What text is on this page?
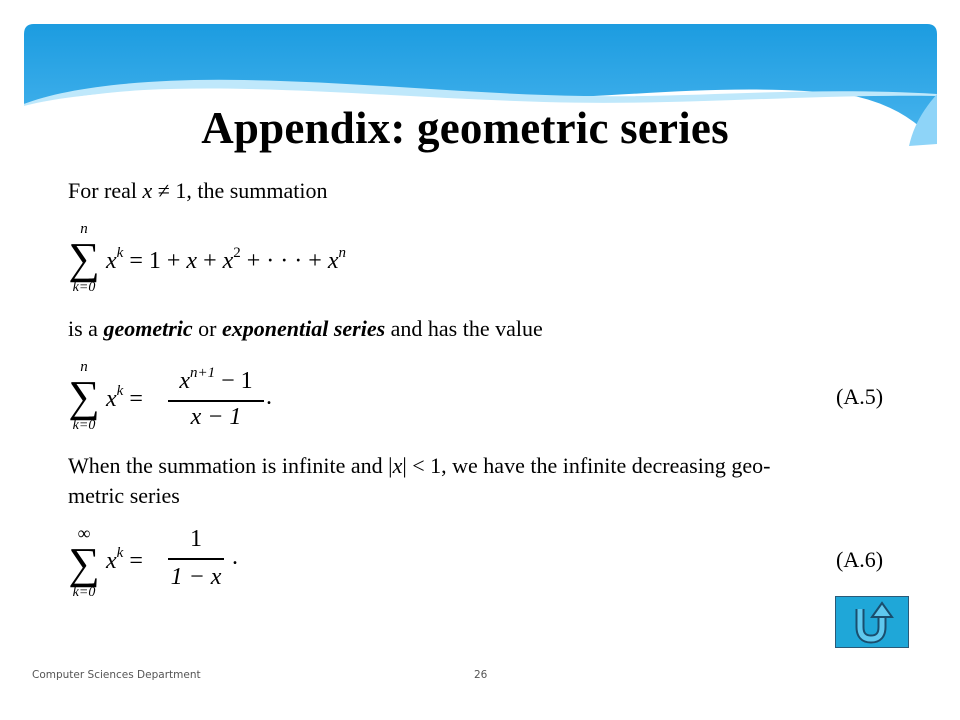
Appendix: geometric series
For real x ≠ 1, the summation
n
∑
k=0
$x^k = 1 + x + x^2$ + · · · + $x^n$
is a geometric or exponential series and has the value
n
∑
k=0
$x^k$ =
$x^{n+1} - 1$
x − 1
.	(A.5)
When the summation is infinite and |x| < 1, we have the infinite decreasing geo-
metric series
∞
∑
k=0
$x^k$ =
1
1 − x
.	(A.6)
Computer Sciences Department	26
